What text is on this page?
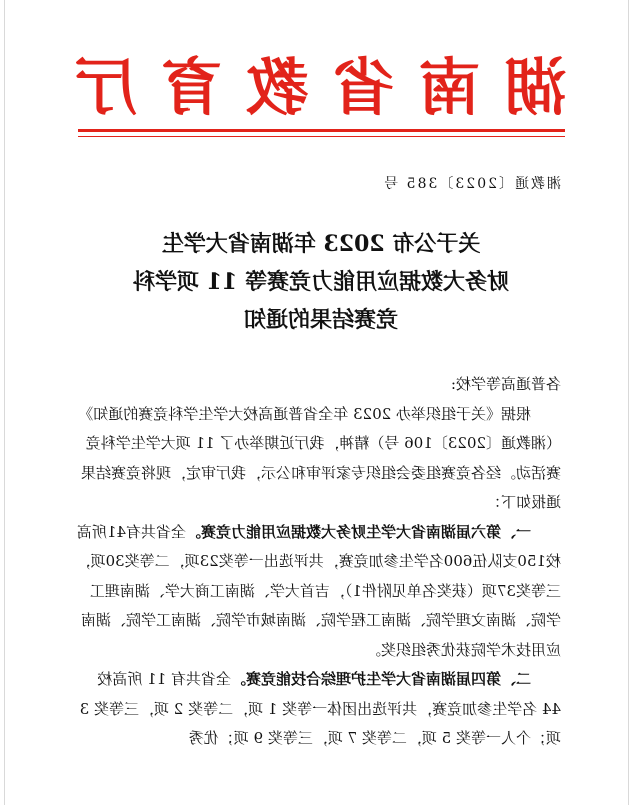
湖南省教育厅
湘教通〔2023〕385 号
关于公布 2023 年湖南省大学生
财务大数据应用能力竞赛等 11 项学科
竞赛结果的通知

各普通高等学校:

根据《关于组织举办 2023 年全省普通高校大学生学科竞赛的通知》（湘教通〔2023〕106 号）精神，我厅近期举办了 11 项大学生学科竞赛活动。经各竞赛组委会组织专家评审和公示，我厅审定，现将竞赛结果通报如下：

一、第六届湖南省大学生财务大数据应用能力竞赛。全省共有41所高校150支队伍600名学生参加竞赛，共评选出一等奖23项，二等奖30项，三等奖37项（获奖名单见附件1），吉首大学、湖南工商大学、湖南理工学院、湖南文理学院、湖南工程学院、湖南城市学院、湖南工学院、湖南应用技术学院获优秀组织奖。

二、第四届湖南省大学生护理综合技能竞赛。全省共有 11 所高校 44 名学生参加竞赛，共评选出团体一等奖 1 项，二等奖 2 项，三等奖 3 项；个人一等奖 5 项，二等奖 7 项，三等奖 9 项；优秀
